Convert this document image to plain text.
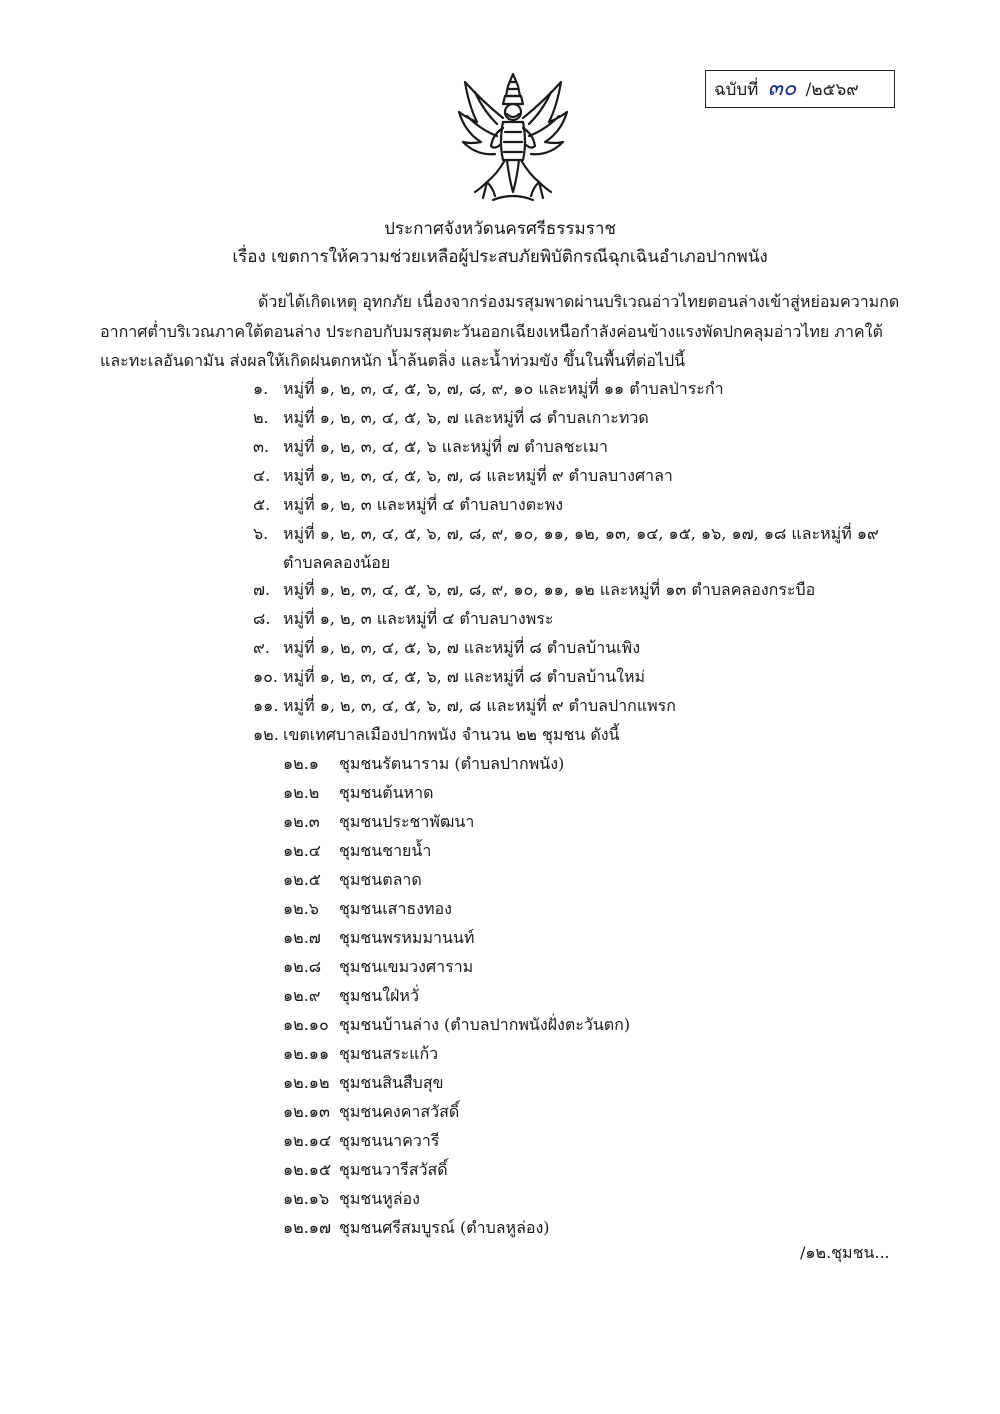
ฉบับที่ ๓๐ /๒๕๖๙
ประกาศจังหวัดนครศรีธรรมราช
เรื่อง เขตการให้ความช่วยเหลือผู้ประสบภัยพิบัติกรณีฉุกเฉินอำเภอปากพนัง
ด้วยได้เกิดเหตุ อุทกภัย เนื่องจากร่องมรสุมพาดผ่านบริเวณอ่าวไทยตอนล่างเข้าสู่หย่อมความกด
อากาศต่ำบริเวณภาคใต้ตอนล่าง ประกอบกับมรสุมตะวันออกเฉียงเหนือกำลังค่อนข้างแรงพัดปกคลุมอ่าวไทย ภาคใต้
และทะเลอันดามัน ส่งผลให้เกิดฝนตกหนัก น้ำล้นตลิ่ง และน้ำท่วมขัง ขึ้นในพื้นที่ต่อไปนี้
๑. หมู่ที่ ๑, ๒, ๓, ๔, ๕, ๖, ๗, ๘, ๙, ๑๐ และหมู่ที่ ๑๑ ตำบลป่าระกำ
๒. หมู่ที่ ๑, ๒, ๓, ๔, ๕, ๖, ๗ และหมู่ที่ ๘ ตำบลเกาะทวด
๓. หมู่ที่ ๑, ๒, ๓, ๔, ๕, ๖ และหมู่ที่ ๗ ตำบลชะเมา
๔. หมู่ที่ ๑, ๒, ๓, ๔, ๕, ๖, ๗, ๘ และหมู่ที่ ๙ ตำบลบางศาลา
๕. หมู่ที่ ๑, ๒, ๓ และหมู่ที่ ๔ ตำบลบางตะพง
๖. หมู่ที่ ๑, ๒, ๓, ๔, ๕, ๖, ๗, ๘, ๙, ๑๐, ๑๑, ๑๒, ๑๓, ๑๔, ๑๕, ๑๖, ๑๗, ๑๘ และหมู่ที่ ๑๙
ตำบลคลองน้อย
๗. หมู่ที่ ๑, ๒, ๓, ๔, ๕, ๖, ๗, ๘, ๙, ๑๐, ๑๑, ๑๒ และหมู่ที่ ๑๓ ตำบลคลองกระบือ
๘. หมู่ที่ ๑, ๒, ๓ และหมู่ที่ ๔ ตำบลบางพระ
๙. หมู่ที่ ๑, ๒, ๓, ๔, ๕, ๖, ๗ และหมู่ที่ ๘ ตำบลบ้านเพิง
๑๐. หมู่ที่ ๑, ๒, ๓, ๔, ๕, ๖, ๗ และหมู่ที่ ๘ ตำบลบ้านใหม่
๑๑. หมู่ที่ ๑, ๒, ๓, ๔, ๕, ๖, ๗, ๘ และหมู่ที่ ๙ ตำบลปากแพรก
๑๒. เขตเทศบาลเมืองปากพนัง จำนวน ๒๒ ชุมชน ดังนี้
๑๒.๑ ชุมชนรัตนาราม (ตำบลปากพนัง)
๑๒.๒ ชุมชนต้นหาด
๑๒.๓ ชุมชนประชาพัฒนา
๑๒.๔ ชุมชนชายน้ำ
๑๒.๕ ชุมชนตลาด
๑๒.๖ ชุมชนเสาธงทอง
๑๒.๗ ชุมชนพรหมมานนท์
๑๒.๘ ชุมชนเขมวงศาราม
๑๒.๙ ชุมชนใฝ่หวั่
๑๒.๑๐ ชุมชนบ้านล่าง (ตำบลปากพนังฝั่งตะวันตก)
๑๒.๑๑ ชุมชนสระแก้ว
๑๒.๑๒ ชุมชนสินสืบสุข
๑๒.๑๓ ชุมชนคงคาสวัสดิ์
๑๒.๑๔ ชุมชนนาควารี
๑๒.๑๕ ชุมชนวารีสวัสดิ์
๑๒.๑๖ ชุมชนหูล่อง
๑๒.๑๗ ชุมชนศรีสมบูรณ์ (ตำบลหูล่อง)
/๑๒.ชุมชน...
